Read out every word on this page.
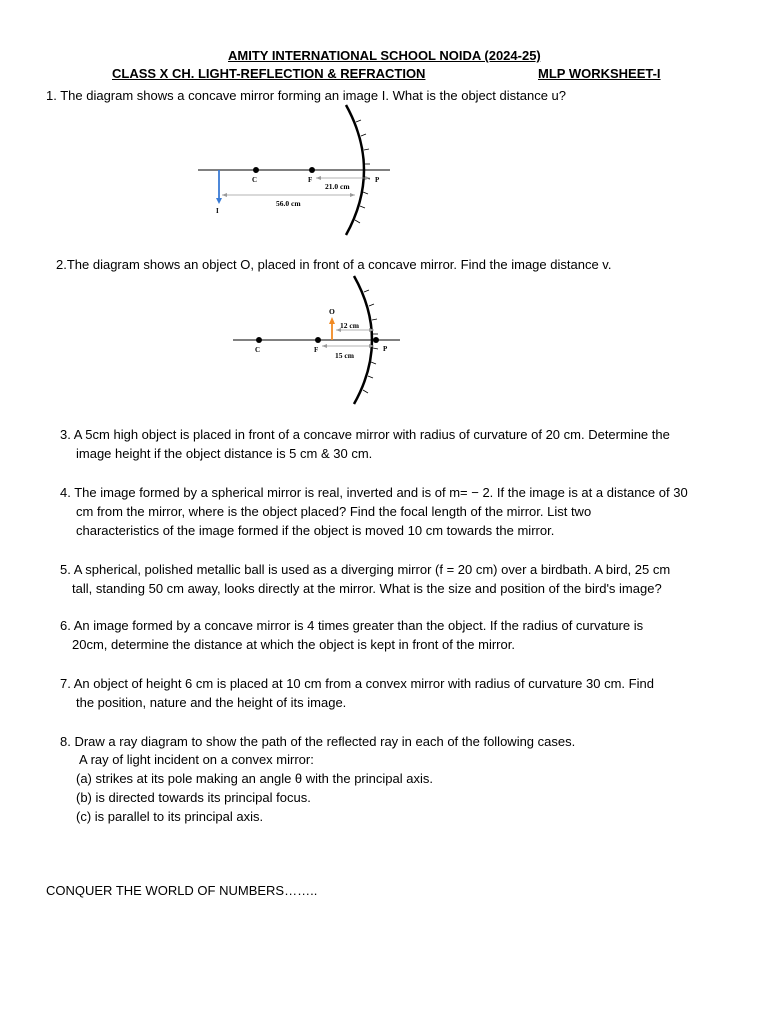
AMITY INTERNATIONAL SCHOOL NOIDA (2024-25)
CLASS X CH. LIGHT-REFLECTION & REFRACTION	MLP WORKSHEET-I
1. The diagram shows a concave mirror forming an image I. What is the object distance u?
C	F	P
I
21.0 cm
56.0 cm
2.The diagram shows an object O, placed in front of a concave mirror. Find the image distance v.
C	F	P
O
12 cm
15 cm
3. A 5cm high object is placed in front of a concave mirror with radius of curvature of 20 cm. Determine the
image height if the object distance is 5 cm & 30 cm.
4. The image formed by a spherical mirror is real, inverted and is of m= − 2. If the image is at a distance of 30
cm from the mirror, where is the object placed? Find the focal length of the mirror. List two
characteristics of the image formed if the object is moved 10 cm towards the mirror.
5. A spherical, polished metallic ball is used as a diverging mirror (f = 20 cm) over a birdbath. A bird, 25 cm
tall, standing 50 cm away, looks directly at the mirror. What is the size and position of the bird's image?
6. An image formed by a concave mirror is 4 times greater than the object. If the radius of curvature is
20cm, determine the distance at which the object is kept in front of the mirror.
7. An object of height 6 cm is placed at 10 cm from a convex mirror with radius of curvature 30 cm. Find
the position, nature and the height of its image.
8. Draw a ray diagram to show the path of the reflected ray in each of the following cases.
A ray of light incident on a convex mirror:
(a) strikes at its pole making an angle θ with the principal axis.
(b) is directed towards its principal focus.
(c) is parallel to its principal axis.
CONQUER THE WORLD OF NUMBERS……..
